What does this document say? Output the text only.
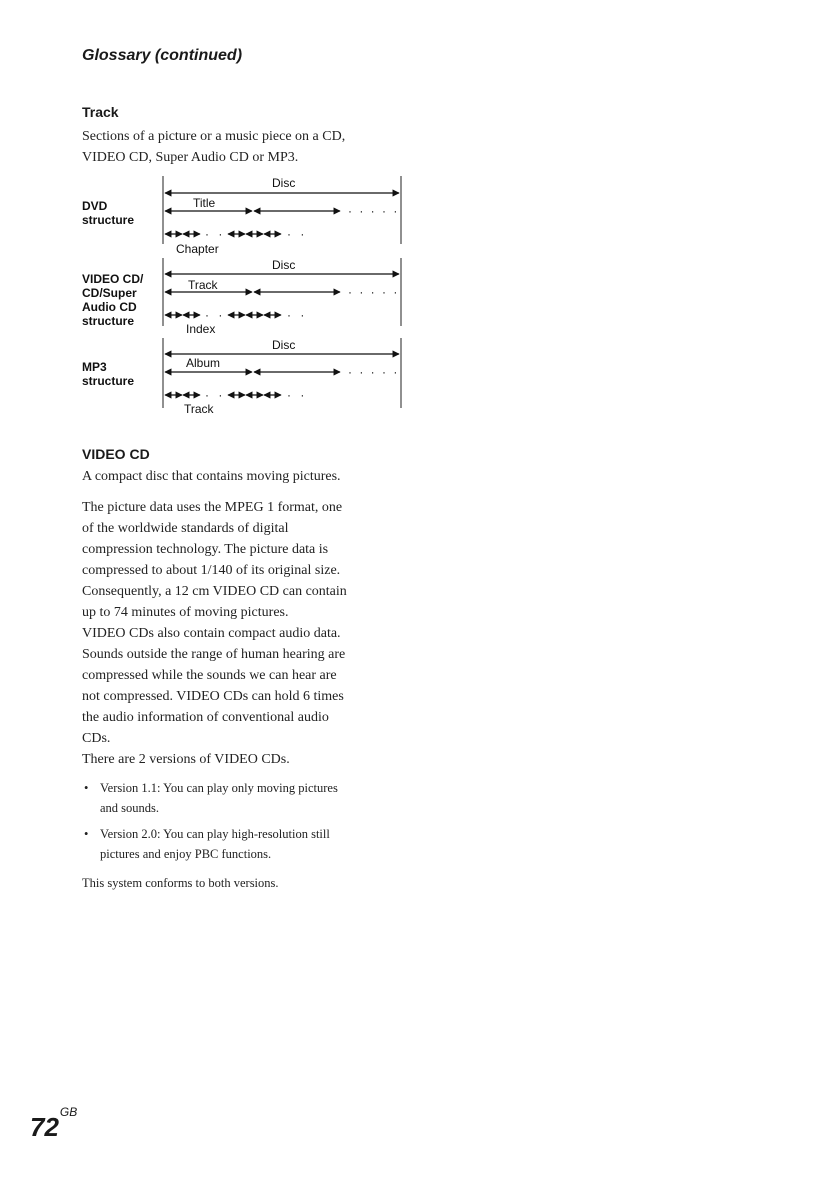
Glossary (continued)
Track

Sections of a picture or a music piece on a CD,

VIDEO CD, Super Audio CD or MP3.

DVD
structure
Disc
Title
· · · · ·
· ·	· ·
Chapter
VIDEO CD/
CD/Super
Audio CD
structure
Disc
Track	· · · · ·
· ·	· ·
Index
MP3
structure
Disc
Album
· · · · ·
· ·	· ·
Track
VIDEO CD

A compact disc that contains moving pictures.

The picture data uses the MPEG 1 format, one

of the worldwide standards of digital

compression technology. The picture data is

compressed to about 1/140 of its original size.

Consequently, a 12 cm VIDEO CD can contain

up to 74 minutes of moving pictures.

VIDEO CDs also contain compact audio data.

Sounds outside the range of human hearing are

compressed while the sounds we can hear are

not compressed. VIDEO CDs can hold 6 times

the audio information of conventional audio

CDs.

There are 2 versions of VIDEO CDs.

• Version 1.1: You can play only moving pictures
and sounds.
• Version 2.0: You can play high-resolution still
pictures and enjoy PBC functions.

This system conforms to both versions.

$72^{GB}$
